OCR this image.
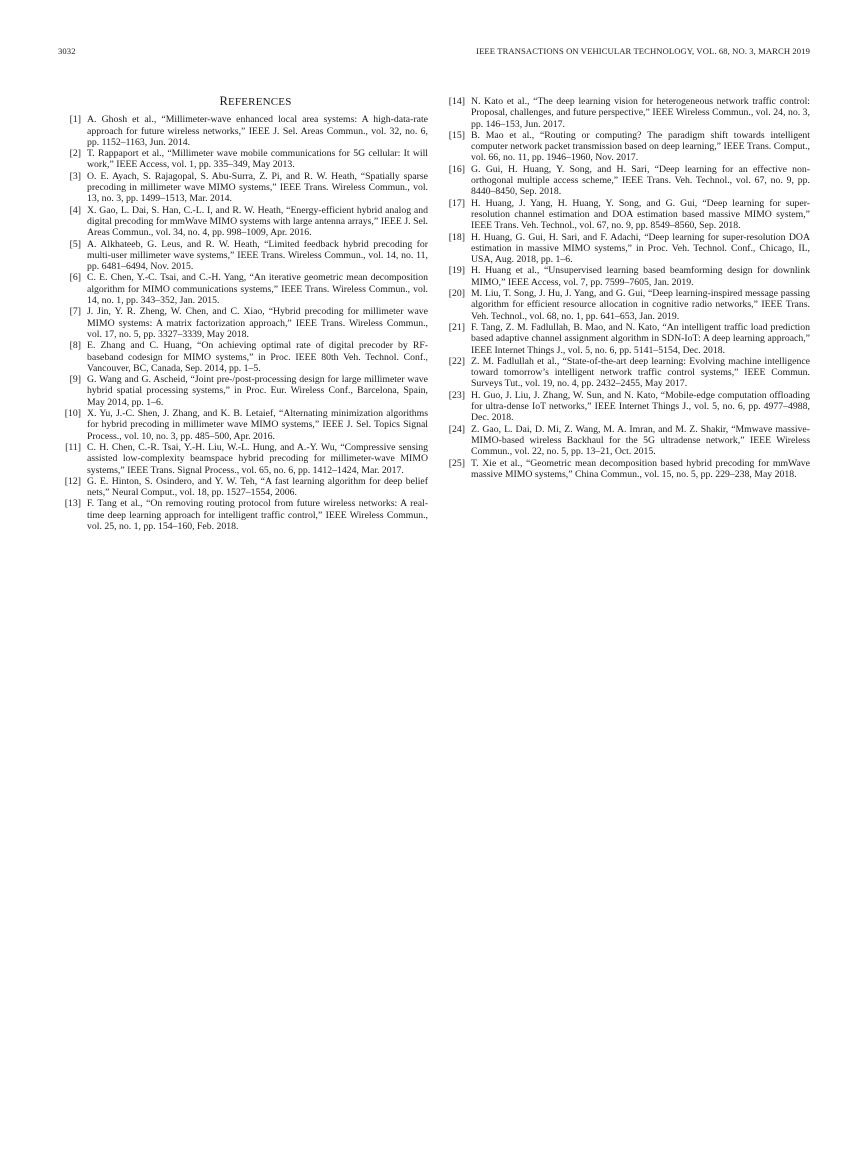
3032	IEEE TRANSACTIONS ON VEHICULAR TECHNOLOGY, VOL. 68, NO. 3, MARCH 2019
REFERENCES

[1] A. Ghosh et al., “Millimeter-wave enhanced local area systems: A high-data-rate approach for future wireless networks,” IEEE J. Sel. Areas Commun., vol. 32, no. 6, pp. 1152–1163, Jun. 2014.

[2] T. Rappaport et al., “Millimeter wave mobile communications for 5G cellular: It will work,” IEEE Access, vol. 1, pp. 335–349, May 2013.

[3] O. E. Ayach, S. Rajagopal, S. Abu-Surra, Z. Pi, and R. W. Heath, “Spatially sparse precoding in millimeter wave MIMO systems,” IEEE Trans. Wireless Commun., vol. 13, no. 3, pp. 1499–1513, Mar. 2014.

[4] X. Gao, L. Dai, S. Han, C.-L. I, and R. W. Heath, “Energy-efficient hybrid analog and digital precoding for mmWave MIMO systems with large antenna arrays,” IEEE J. Sel. Areas Commun., vol. 34, no. 4, pp. 998–1009, Apr. 2016.

[5] A. Alkhateeb, G. Leus, and R. W. Heath, “Limited feedback hybrid precoding for multi-user millimeter wave systems,” IEEE Trans. Wireless Commun., vol. 14, no. 11, pp. 6481–6494, Nov. 2015.

[6] C. E. Chen, Y.-C. Tsai, and C.-H. Yang, “An iterative geometric mean decomposition algorithm for MIMO communications systems,” IEEE Trans. Wireless Commun., vol. 14, no. 1, pp. 343–352, Jan. 2015.

[7] J. Jin, Y. R. Zheng, W. Chen, and C. Xiao, “Hybrid precoding for millimeter wave MIMO systems: A matrix factorization approach,” IEEE Trans. Wireless Commun., vol. 17, no. 5, pp. 3327–3339, May 2018.

[8] E. Zhang and C. Huang, “On achieving optimal rate of digital precoder by RF-baseband codesign for MIMO systems,” in Proc. IEEE 80th Veh. Technol. Conf., Vancouver, BC, Canada, Sep. 2014, pp. 1–5.

[9] G. Wang and G. Ascheid, “Joint pre-/post-processing design for large millimeter wave hybrid spatial processing systems,” in Proc. Eur. Wireless Conf., Barcelona, Spain, May 2014, pp. 1–6.

[10] X. Yu, J.-C. Shen, J. Zhang, and K. B. Letaief, “Alternating minimization algorithms for hybrid precoding in millimeter wave MIMO systems,” IEEE J. Sel. Topics Signal Process., vol. 10, no. 3, pp. 485–500, Apr. 2016.

[11] C. H. Chen, C.-R. Tsai, Y.-H. Liu, W.-L. Hung, and A.-Y. Wu, “Compressive sensing assisted low-complexity beamspace hybrid precoding for millimeter-wave MIMO systems,” IEEE Trans. Signal Process., vol. 65, no. 6, pp. 1412–1424, Mar. 2017.

[12] G. E. Hinton, S. Osindero, and Y. W. Teh, “A fast learning algorithm for deep belief nets,” Neural Comput., vol. 18, pp. 1527–1554, 2006.

[13] F. Tang et al., “On removing routing protocol from future wireless networks: A real-time deep learning approach for intelligent traffic control,” IEEE Wireless Commun., vol. 25, no. 1, pp. 154–160, Feb. 2018.

[14] N. Kato et al., “The deep learning vision for heterogeneous network traffic control: Proposal, challenges, and future perspective,” IEEE Wireless Commun., vol. 24, no. 3, pp. 146–153, Jun. 2017.

[15] B. Mao et al., “Routing or computing? The paradigm shift towards intelligent computer network packet transmission based on deep learning,” IEEE Trans. Comput., vol. 66, no. 11, pp. 1946–1960, Nov. 2017.

[16] G. Gui, H. Huang, Y. Song, and H. Sari, “Deep learning for an effective non-orthogonal multiple access scheme,” IEEE Trans. Veh. Technol., vol. 67, no. 9, pp. 8440–8450, Sep. 2018.

[17] H. Huang, J. Yang, H. Huang, Y. Song, and G. Gui, “Deep learning for super-resolution channel estimation and DOA estimation based massive MIMO system,” IEEE Trans. Veh. Technol., vol. 67, no. 9, pp. 8549–8560, Sep. 2018.

[18] H. Huang, G. Gui, H. Sari, and F. Adachi, “Deep learning for super-resolution DOA estimation in massive MIMO systems,” in Proc. Veh. Technol. Conf., Chicago, IL, USA, Aug. 2018, pp. 1–6.

[19] H. Huang et al., “Unsupervised learning based beamforming design for downlink MIMO,” IEEE Access, vol. 7, pp. 7599–7605, Jan. 2019.

[20] M. Liu, T. Song, J. Hu, J. Yang, and G. Gui, “Deep learning-inspired message passing algorithm for efficient resource allocation in cognitive radio networks,” IEEE Trans. Veh. Technol., vol. 68, no. 1, pp. 641–653, Jan. 2019.

[21] F. Tang, Z. M. Fadlullah, B. Mao, and N. Kato, “An intelligent traffic load prediction based adaptive channel assignment algorithm in SDN-IoT: A deep learning approach,” IEEE Internet Things J., vol. 5, no. 6, pp. 5141–5154, Dec. 2018.

[22] Z. M. Fadlullah et al., “State-of-the-art deep learning: Evolving machine intelligence toward tomorrow’s intelligent network traffic control systems,” IEEE Commun. Surveys Tut., vol. 19, no. 4, pp. 2432–2455, May 2017.

[23] H. Guo, J. Liu, J. Zhang, W. Sun, and N. Kato, “Mobile-edge computation offloading for ultra-dense IoT networks,” IEEE Internet Things J., vol. 5, no. 6, pp. 4977–4988, Dec. 2018.

[24] Z. Gao, L. Dai, D. Mi, Z. Wang, M. A. Imran, and M. Z. Shakir, “Mmwave massive-MIMO-based wireless Backhaul for the 5G ultradense network,” IEEE Wireless Commun., vol. 22, no. 5, pp. 13–21, Oct. 2015.

[25] T. Xie et al., “Geometric mean decomposition based hybrid precoding for mmWave massive MIMO systems,” China Commun., vol. 15, no. 5, pp. 229–238, May 2018.
